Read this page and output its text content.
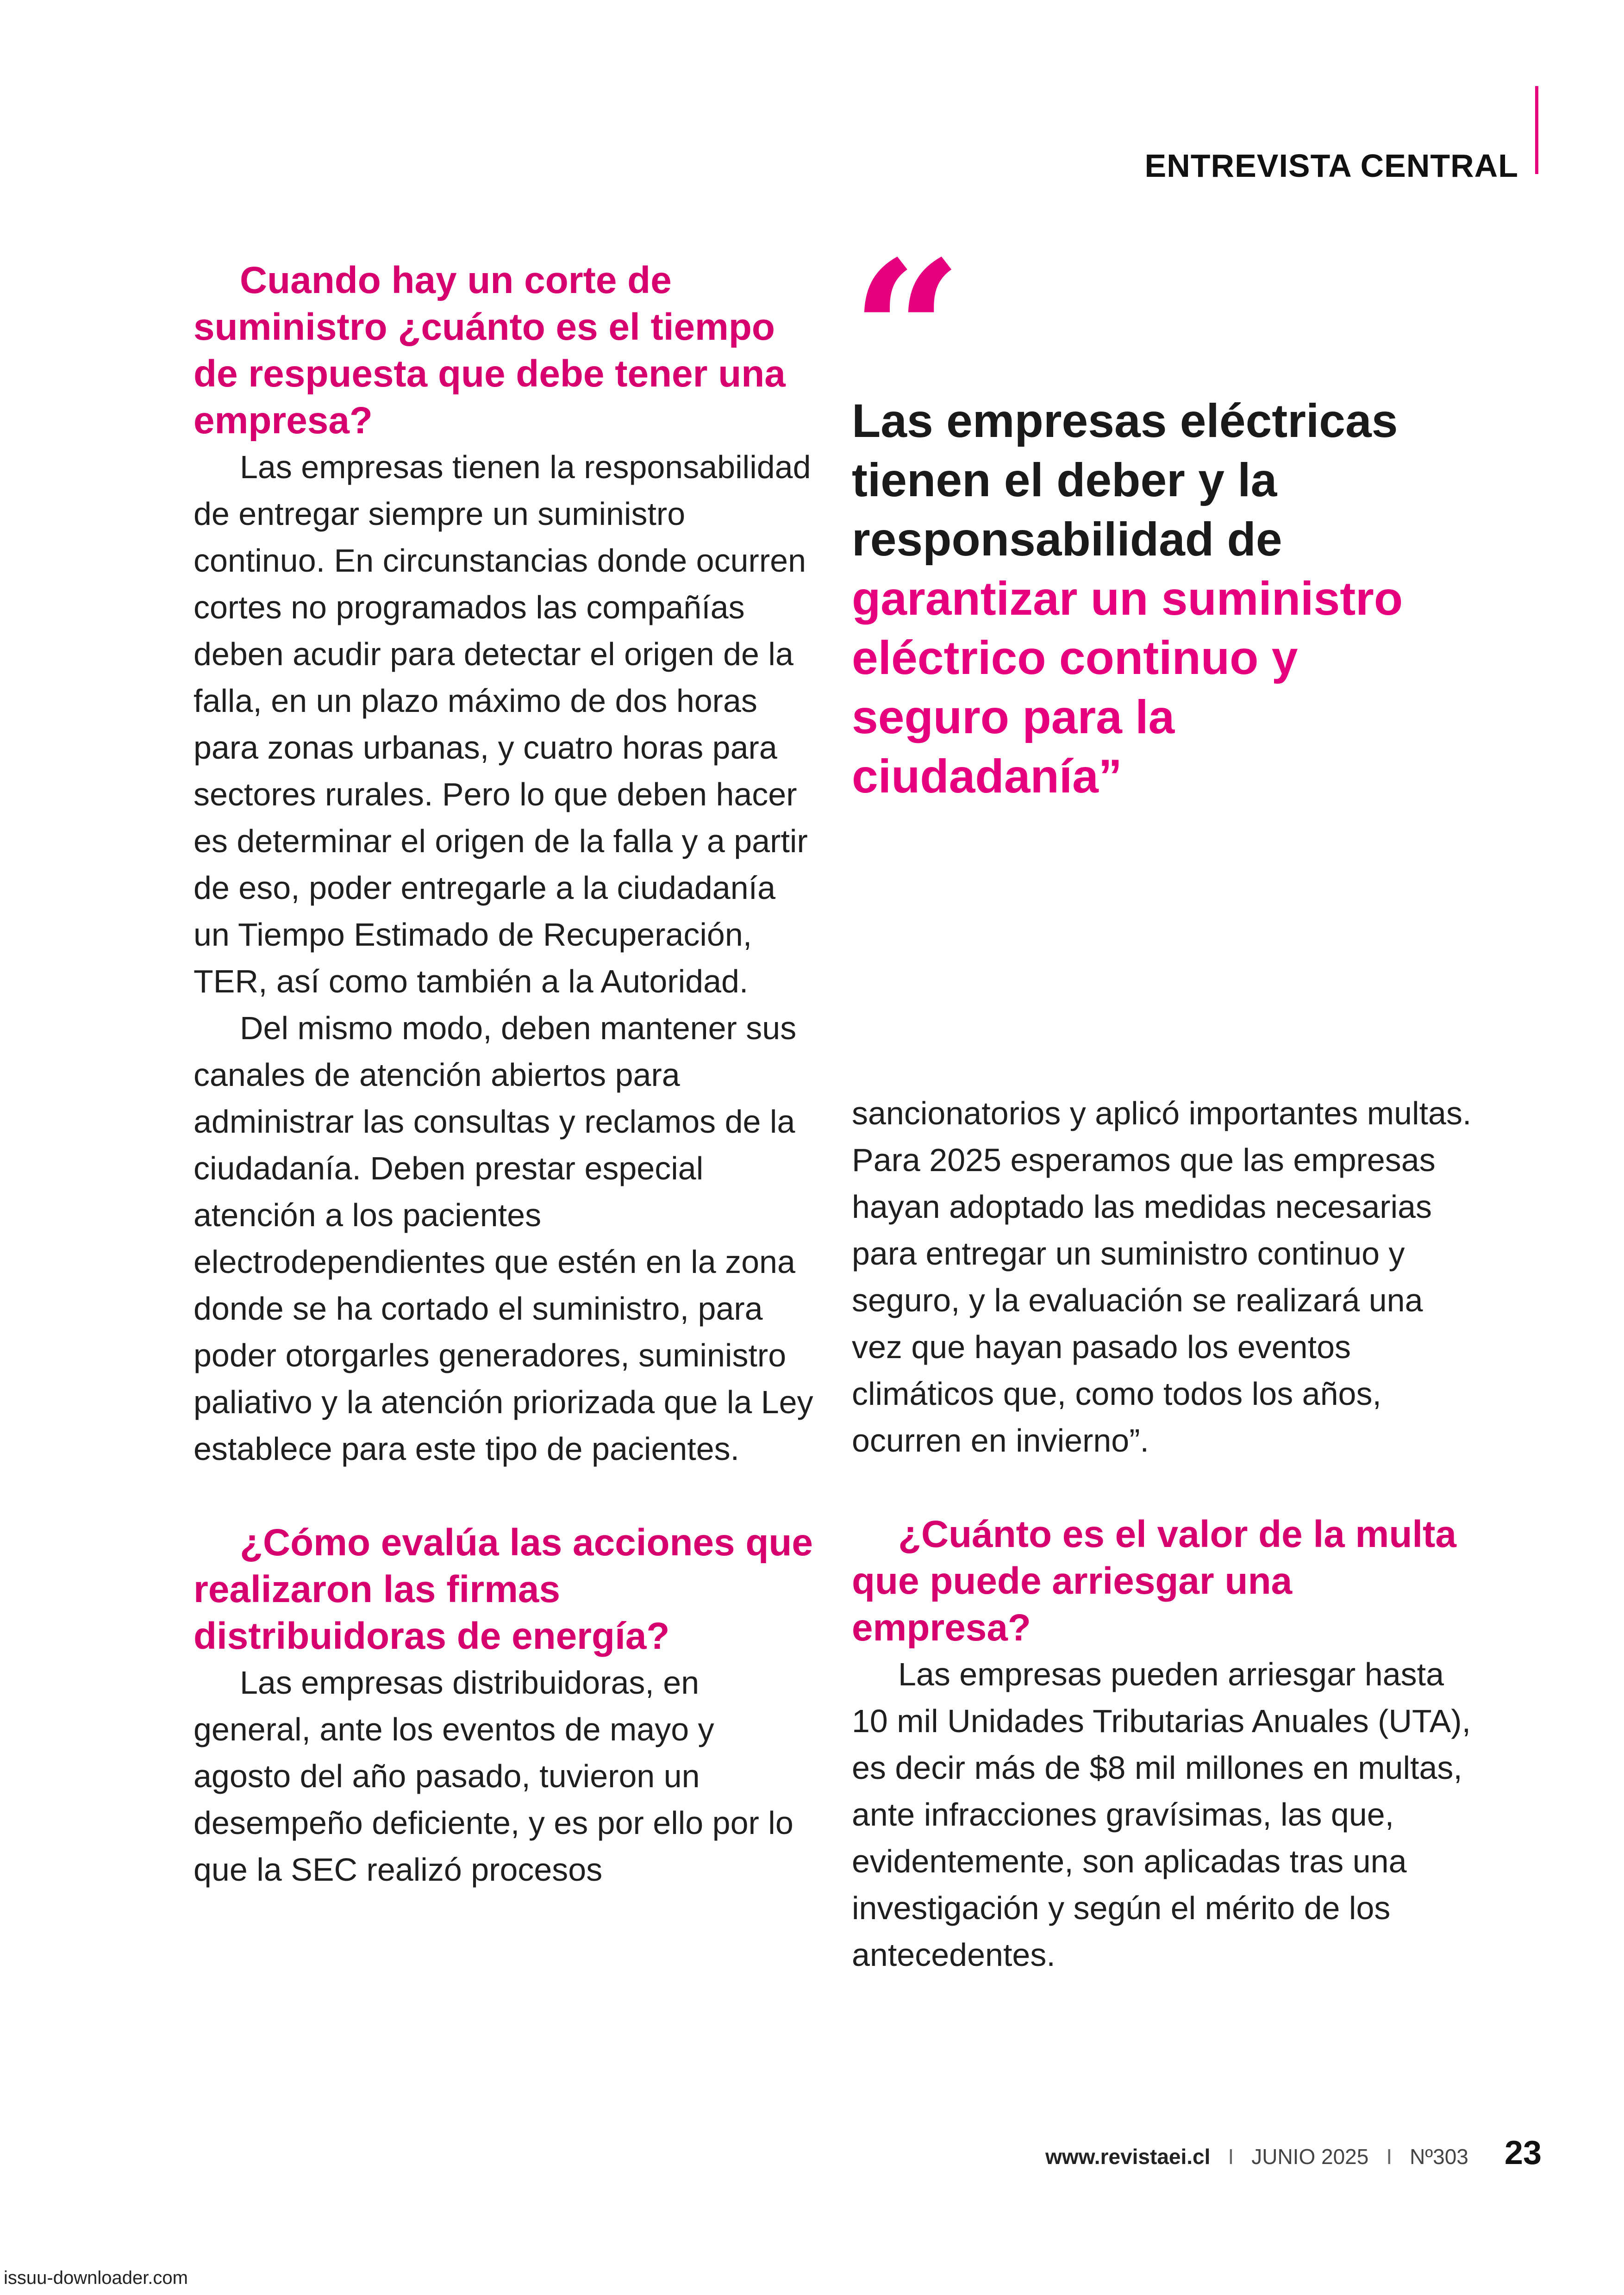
ENTREVISTA CENTRAL
Cuando hay un corte de suministro ¿cuánto es el tiempo de respuesta que debe tener una empresa?

Las empresas tienen la responsabilidad de entregar siempre un suministro continuo. En circunstancias donde ocurren cortes no programados las compañías deben acudir para detectar el origen de la falla, en un plazo máximo de dos horas para zonas urbanas, y cuatro horas para sectores rurales. Pero lo que deben hacer es determinar el origen de la falla y a partir de eso, poder entregarle a la ciudadanía un Tiempo Estimado de Recuperación, TER, así como también a la Autoridad.

Del mismo modo, deben mantener sus canales de atención abiertos para administrar las consultas y reclamos de la ciudadanía. Deben prestar especial atención a los pacientes electrodependientes que estén en la zona donde se ha cortado el suministro, para poder otorgarles generadores, suministro paliativo y la atención priorizada que la Ley establece para este tipo de pacientes.

¿Cómo evalúa las acciones que realizaron las firmas distribuidoras de energía?

Las empresas distribuidoras, en general, ante los eventos de mayo y agosto del año pasado, tuvieron un desempeño deficiente, y es por ello por lo que la SEC realizó procesos

“
Las empresas eléctricas tienen el deber y la responsabilidad de garantizar un suministro eléctrico continuo y seguro para la ciudadanía”

sancionatorios y aplicó importantes multas. Para 2025 esperamos que las empresas hayan adoptado las medidas necesarias para entregar un suministro continuo y seguro, y la evaluación se realizará una vez que hayan pasado los eventos climáticos que, como todos los años, ocurren en invierno”.

¿Cuánto es el valor de la multa que puede arriesgar una empresa?

Las empresas pueden arriesgar hasta 10 mil Unidades Tributarias Anuales (UTA), es decir más de $8 mil millones en multas, ante infracciones gravísimas, las que, evidentemente, son aplicadas tras una investigación y según el mérito de los antecedentes.

www.revistaei.cl I JUNIO 2025 I Nº303 23
issuu-downloader.com
